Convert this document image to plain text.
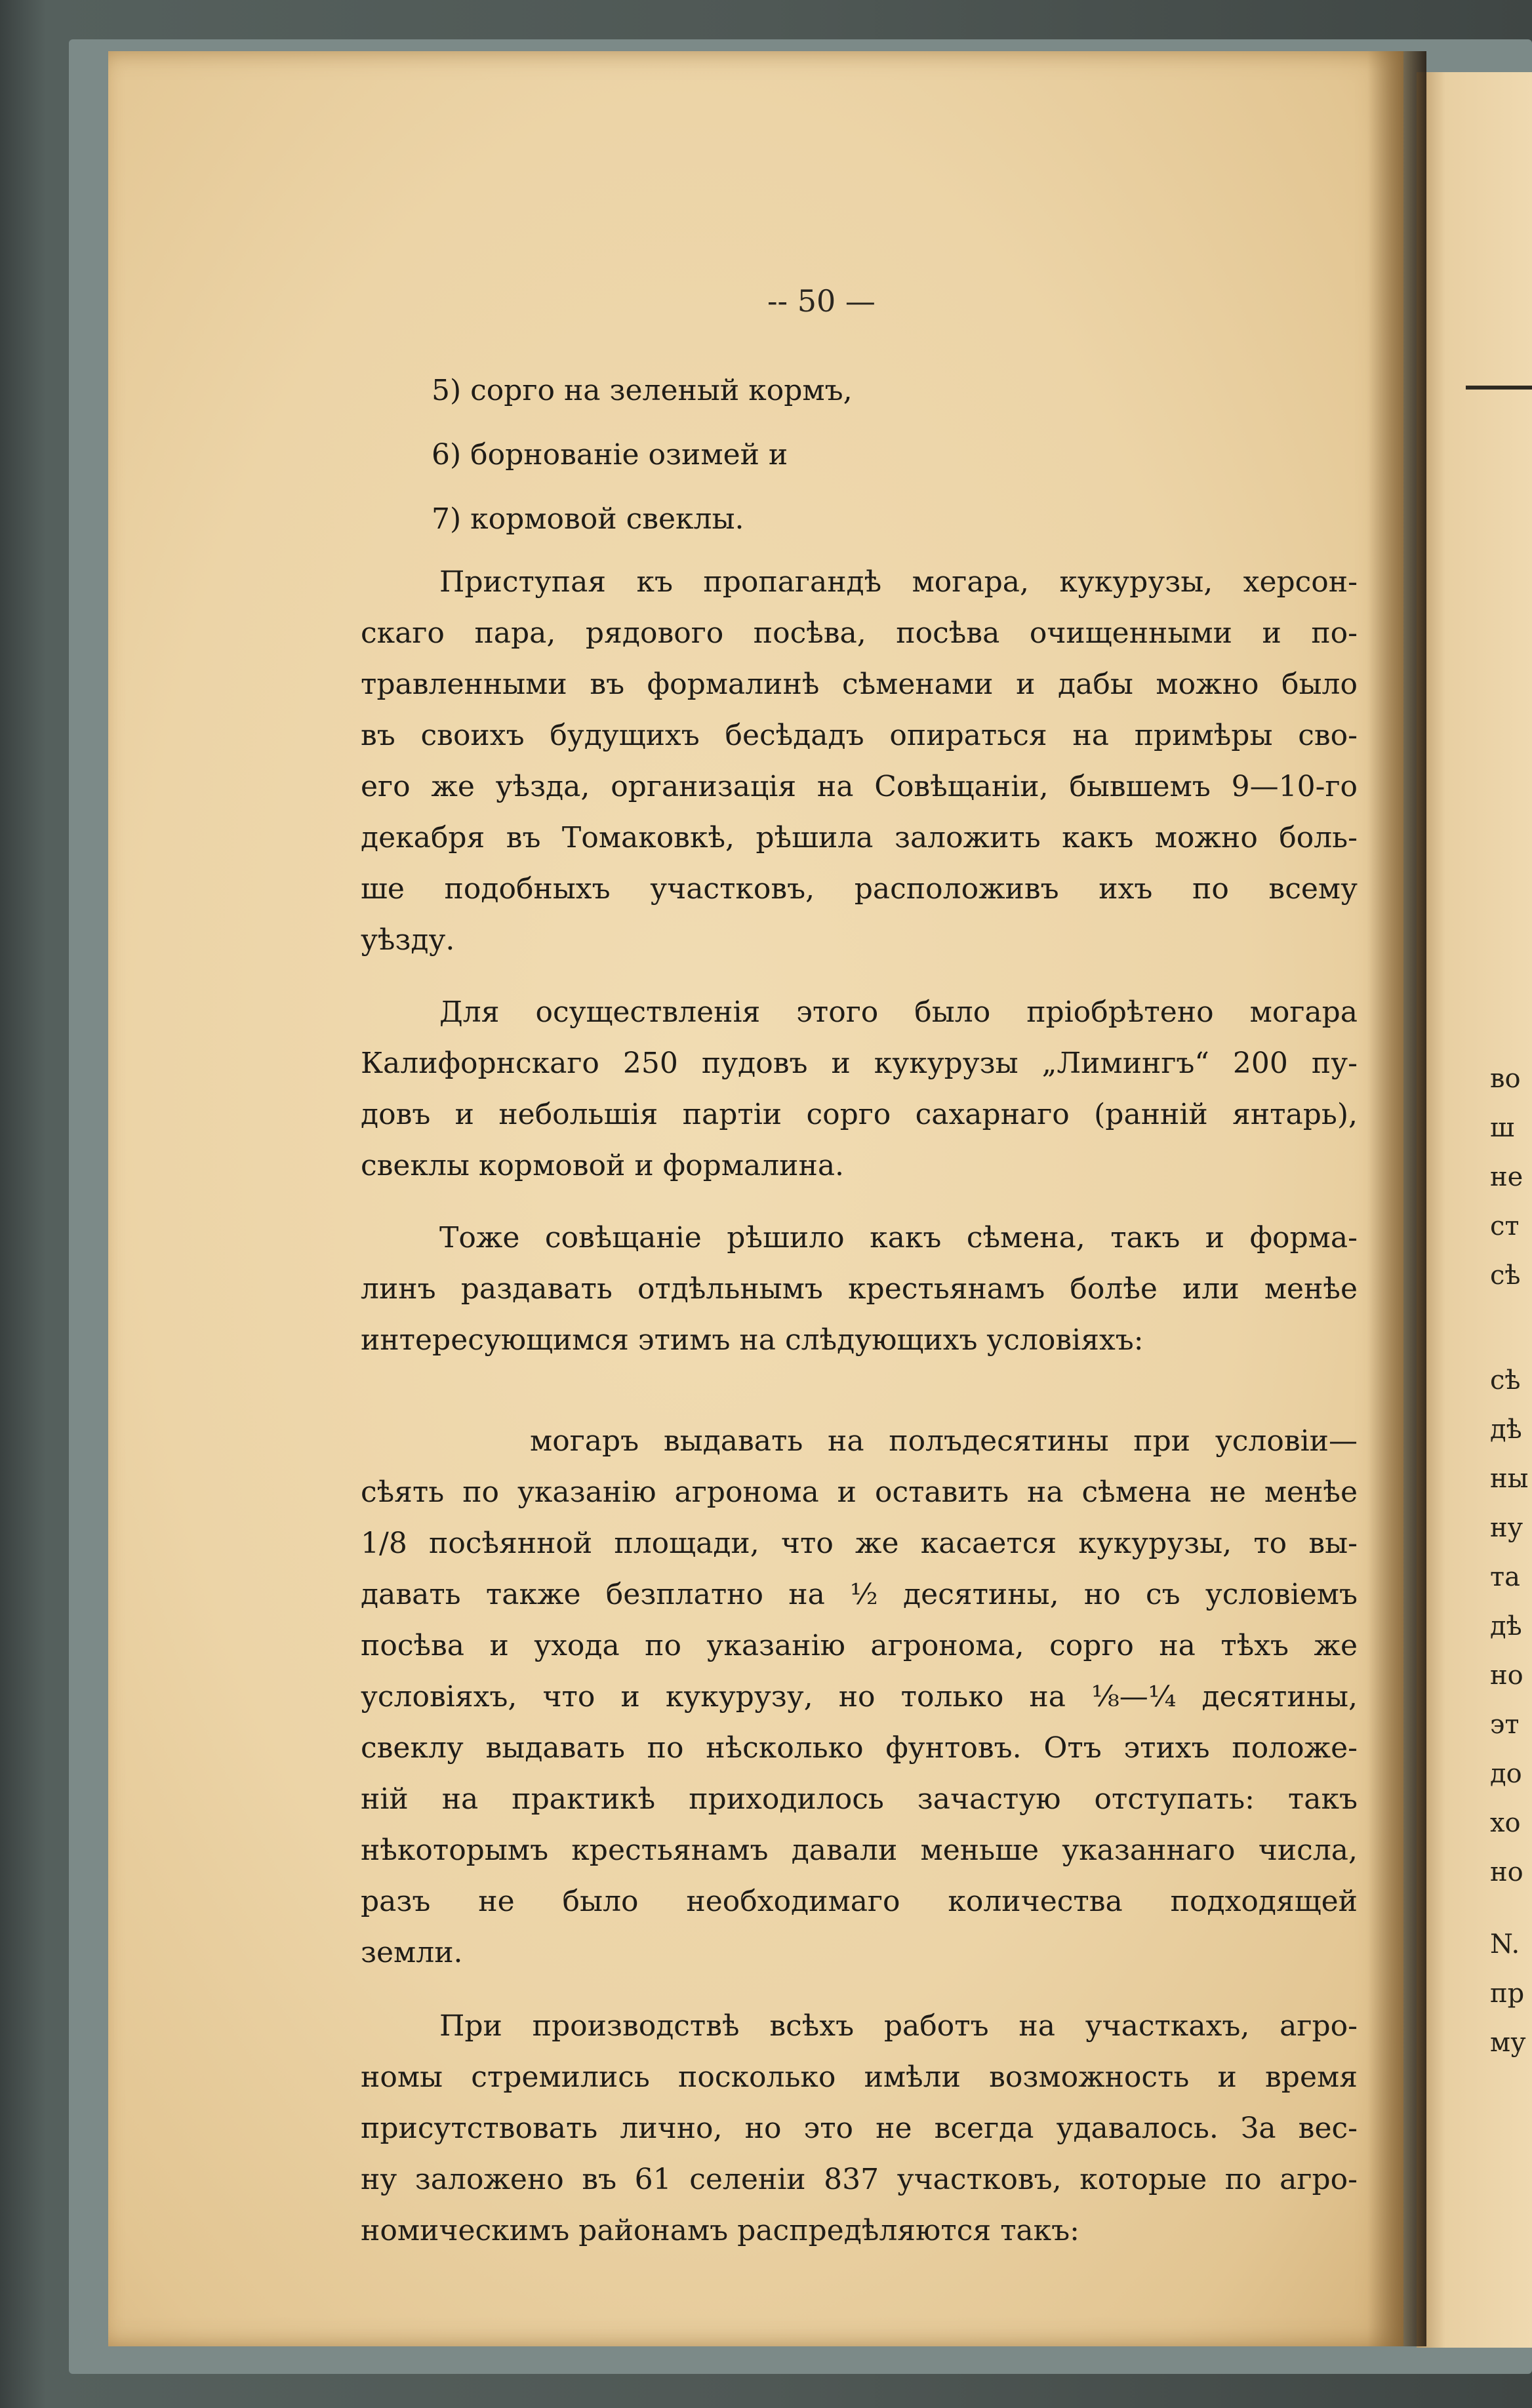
во
ш
не
ст
сѣ
сѣ
дѣ
ны
ну
та
дѣ
но
эт
до
хо
но
N.
пр
му
-- 50 —
5) сорго на зеленый кормъ,
6) борнованіе озимей и
7) кормовой свеклы.
Приступая къ пропагандѣ могара, кукурузы, херсон-
скаго пара, рядового посѣва, посѣва очищенными и по-
травленными въ формалинѣ сѣменами и дабы можно было
въ своихъ будущихъ бесѣдадъ опираться на примѣры сво-
его же уѣзда, организація на Совѣщаніи, бывшемъ 9—10-го
декабря въ Томаковкѣ, рѣшила заложить какъ можно боль-
ше подобныхъ участковъ, расположивъ ихъ по всему
уѣзду.
Для осуществленія этого было пріобрѣтено могара
Калифорнскаго 250 пудовъ и кукурузы „Лимингъ“ 200 пу-
довъ и небольшія партіи сорго сахарнаго (ранній янтарь),
свеклы кормовой и формалина.
Тоже совѣщаніе рѣшило какъ сѣмена, такъ и форма-
линъ раздавать отдѣльнымъ крестьянамъ болѣе или менѣе
интересующимся этимъ на слѣдующихъ условіяхъ:
могаръ выдавать на полъдесятины при условіи—
сѣять по указанію агронома и оставить на сѣмена не менѣе
1/8 посѣянной площади, что же касается кукурузы, то вы-
давать также безплатно на ½ десятины, но съ условіемъ
посѣва и ухода по указанію агронома, сорго на тѣхъ же
условіяхъ, что и кукурузу, но только на ⅛—¼ десятины,
свеклу выдавать по нѣсколько фунтовъ. Отъ этихъ положе-
ній на практикѣ приходилось зачастую отступать: такъ
нѣкоторымъ крестьянамъ давали меньше указаннаго числа,
разъ не было необходимаго количества подходящей
земли.
При производствѣ всѣхъ работъ на участкахъ, агро-
номы стремились посколько имѣли возможность и время
присутствовать лично, но это не всегда удавалось. За вес-
ну заложено въ 61 селеніи 837 участковъ, которые по агро-
номическимъ районамъ распредѣляются такъ:
